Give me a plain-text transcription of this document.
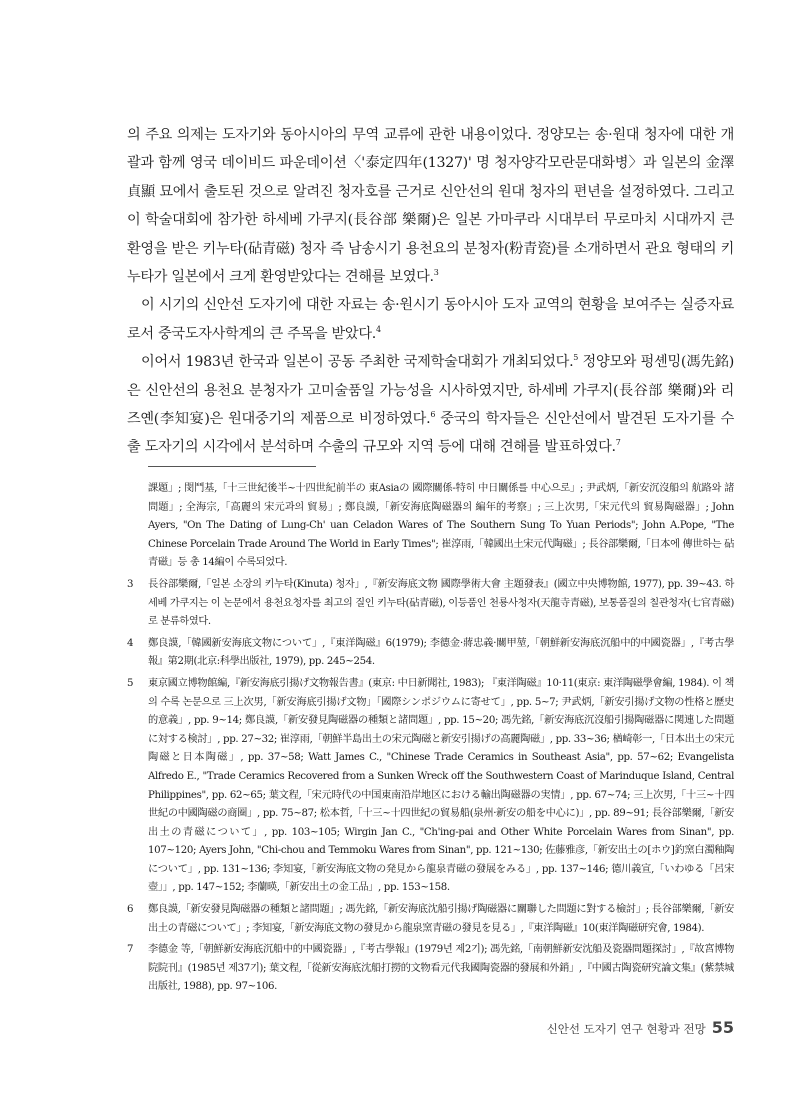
의 주요 의제는 도자기와 동아시아의 무역 교류에 관한 내용이었다. 정양모는 송·원대 청자에 대한 개괄과 함께 영국 데이비드 파운데이션〈'泰定四年(1327)' 명 청자양각모란문대화병〉과 일본의 金澤貞顯 묘에서 출토된 것으로 알려진 청자호를 근거로 신안선의 원대 청자의 편년을 설정하였다. 그리고 이 학술대회에 참가한 하세베 가쿠지(長谷部 樂爾)은 일본 가마쿠라 시대부터 무로마치 시대까지 큰 환영을 받은 키누타(砧青磁) 청자 즉 남송시기 용천요의 분청자(粉青瓷)를 소개하면서 관요 형태의 키누타가 일본에서 크게 환영받았다는 견해를 보였다.$^3$

이 시기의 신안선 도자기에 대한 자료는 송·원시기 동아시아 도자 교역의 현황을 보여주는 실증자료로서 중국도자사학계의 큰 주목을 받았다.$^4$

이어서 1983년 한국과 일본이 공동 주최한 국제학술대회가 개최되었다.$^5$ 정양모와 펑셴밍(馮先銘)은 신안선의 용천요 분청자가 고미술품일 가능성을 시사하였지만, 하세베 가쿠지(長谷部 樂爾)와 리즈옌(李知宴)은 원대중기의 제품으로 비정하였다.$^6$ 중국의 학자들은 신안선에서 발견된 도자기를 수출 도자기의 시각에서 분석하며 수출의 규모와 지역 등에 대해 견해를 발표하였다.$^7$

課題」; 閔鬥基,「十三世紀後半~十四世紀前半の 東Asiaの 國際關係-特히 中日關係를 中心으로」; 尹武炳,「新安沉沒船의 航路와 諸問題」; 全海宗,「高麗의 宋元과의 貿易」; 鄭良謨,「新安海底陶磁器의 編年的考察」; 三上次男,「宋元代의 貿易陶磁器」; John Ayers, "On The Dating of Lung-Ch' uan Celadon Wares of The Southern Sung To Yuan Periods"; John A.Pope, "The Chinese Porcelain Trade Around The World in Early Times"; 崔淳雨,「韓國出土宋元代陶磁」; 長谷部樂爾,「日本에 傳世하는 砧青磁」등 총 14編이 수록되었다.
3	長谷部樂爾,「일본 소장의 키누타(Kinuta) 청자」,『新安海底文物 國際學術大會 主題發表』(國立中央博物館, 1977), pp. 39~43. 하세베 가쿠지는 이 논문에서 용천요청자를 최고의 질인 키누타(砧青磁), 이등품인 천룡사청자(天龍寺青磁), 보통품질의 칠관청자(七官青磁)로 분류하였다.
4	鄭良謨,「韓國新安海底文物について」,『東洋陶磁』6(1979); 李德金·蔣忠義·關甲堃,「朝鮮新安海底沉船中的中國瓷器」,『考古學報』第2期(北京:科學出版社, 1979), pp. 245~254.
5	東京國立博物館編,『新安海底引揚げ文物報告書』(東京: 中日新聞社, 1983); 『東洋陶磁』10·11(東京: 東洋陶磁學會編, 1984). 이 책의 수록 논문으로 三上次男,「新安海底引揚げ文物」「國際シンポジウムに寄せて」, pp. 5~7; 尹武炳,「新安引揚げ文物の性格と歷史的意義」, pp. 9~14; 鄭良謨,「新安發見陶磁器の種類と諸問題」, pp. 15~20; 馮先銘,「新安海底沉沒船引揚陶磁器に関連した問題に対する検討」, pp. 27~32; 崔淳雨,「朝鮮半島出土の宋元陶磁と新安引揚げの高麗陶磁」, pp. 33~36; 楢崎彰一,「日本出土の宋元陶磁と日本陶磁」, pp. 37~58; Watt James C., "Chinese Trade Ceramics in Southeast Asia", pp. 57~62; Evangelista Alfredo E., "Trade Ceramics Recovered from a Sunken Wreck off the Southwestern Coast of Marinduque Island, Central Philippines", pp. 62~65; 葉文程,「宋元時代の中国東南沿岸地区における輸出陶磁器の実情」, pp. 67~74; 三上次男,「十三~十四世紀の中國陶磁の商圈」, pp. 75~87; 松本哲,「十三~十四世紀の貿易船(泉州·新安の船を中心に)」, pp. 89~91; 長谷部樂爾,「新安出土の青磁について」, pp. 103~105; Wirgin Jan C., "Ch'ing-pai and Other White Porcelain Wares from Sinan", pp. 107~120; Ayers John, "Chi-chou and Temmoku Wares from Sinan", pp. 121~130; 佐藤雅彦,「新安出土の[ホウ]釣窯白濁釉陶について」, pp. 131~136; 李知宴,「新安海底文物の発見から龍泉青磁の發展をみる」, pp. 137~146; 德川義宣,「いわゆる「呂宋壺」」, pp. 147~152; 李蘭暎,「新安出土の金工品」, pp. 153~158.
6	鄭良謨,「新安發見陶磁器の種類と諸問題」; 馮先銘,「新安海底沈船引揚げ陶磁器に關聯した問題に對する檢討」; 長谷部樂爾,「新安出土の青磁について」; 李知宴,「新安海底文物の發見から龍泉窯青磁の發見を見る」,『東洋陶磁』10(東洋陶磁研究會, 1984).
7	李德金 等,「朝鮮新安海底沉船中的中國瓷器」,『考古學報』(1979년 제2기); 馮先銘,「南朝鮮新安沈船及瓷器問題探討」,『故宮博物院院刊』(1985년 제37기); 葉文程,「從新安海底沈船打撈的文物看元代我國陶瓷器的發展和外銷」,『中國古陶瓷研究論文集』(紫禁城出版社, 1988), pp. 97~106.
신안선 도자기 연구 현황과 전망 55
